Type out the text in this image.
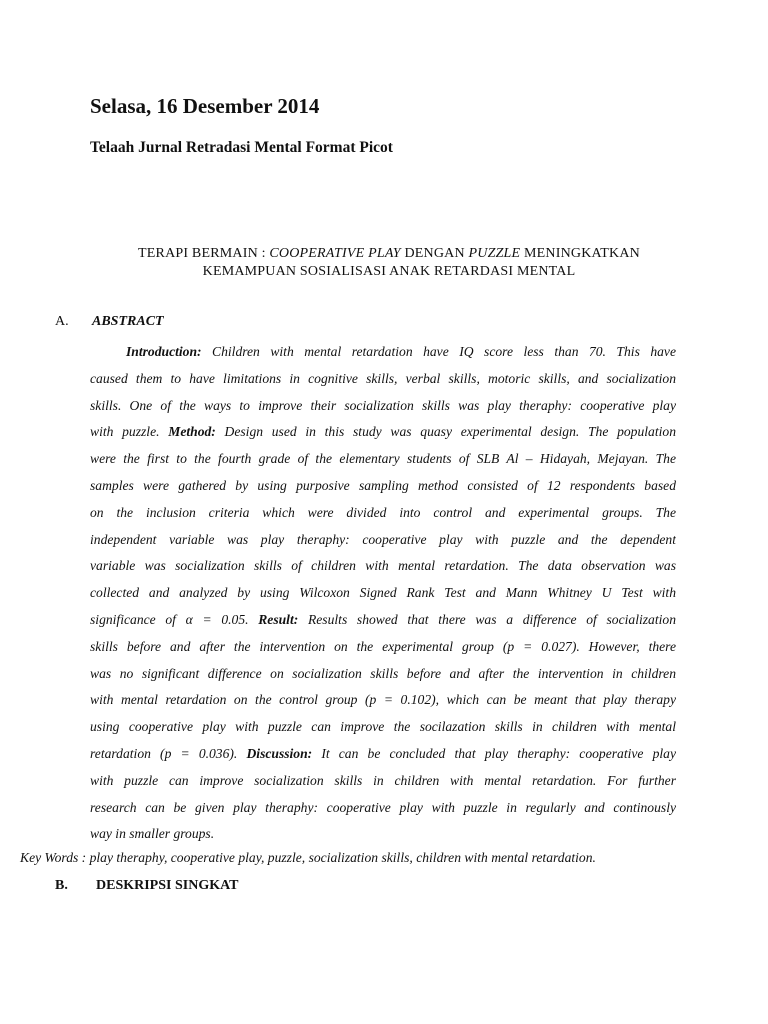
Selasa, 16 Desember 2014
Telaah Jurnal Retradasi Mental Format Picot
TERAPI BERMAIN : COOPERATIVE PLAY DENGAN PUZZLE MENINGKATKAN
KEMAMPUAN SOSIALISASI ANAK RETARDASI MENTAL
A. ABSTRACT
Introduction: Children with mental retardation have IQ score less than 70. This have
caused them to have limitations in cognitive skills, verbal skills, motoric skills, and socialization
skills. One of the ways to improve their socialization skills was play theraphy: cooperative play
with puzzle. Method: Design used in this study was quasy experimental design. The population
were the first to the fourth grade of the elementary students of SLB Al – Hidayah, Mejayan. The
samples were gathered by using purposive sampling method consisted of 12 respondents based
on the inclusion criteria which were divided into control and experimental groups. The
independent variable was play theraphy: cooperative play with puzzle and the dependent
variable was socialization skills of children with mental retardation. The data observation was
collected and analyzed by using Wilcoxon Signed Rank Test and Mann Whitney U Test with
significance of α = 0.05. Result: Results showed that there was a difference of socialization
skills before and after the intervention on the experimental group (p = 0.027). However, there
was no significant difference on socialization skills before and after the intervention in children
with mental retardation on the control group (p = 0.102), which can be meant that play therapy
using cooperative play with puzzle can improve the socilazation skills in children with mental
retardation (p = 0.036). Discussion: It can be concluded that play theraphy: cooperative play
with puzzle can improve socialization skills in children with mental retardation. For further
research can be given play theraphy: cooperative play with puzzle in regularly and continously
way in smaller groups.
Key Words : play theraphy, cooperative play, puzzle, socialization skills, children with mental retardation.
B. DESKRIPSI SINGKAT
